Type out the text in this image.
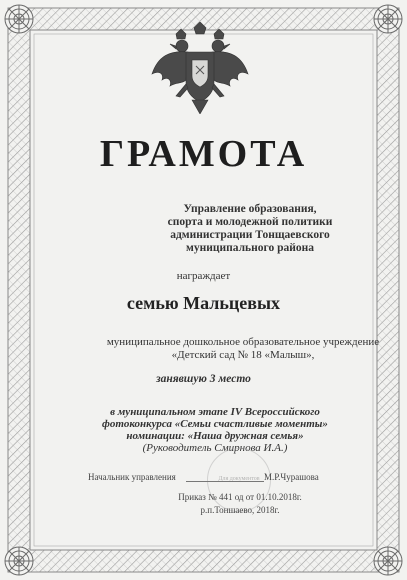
ГРАМОТА
Управление образования,
спорта и молодежной политики
администрации Тонщаевского
муниципального района
награждает
семью Мальцевых
муниципальное дошкольное образовательное учреждение
«Детский сад № 18 «Малыш»,
занявшую 3 место
в муниципальном этапе IV Всероссийского
фотоконкурса «Семьи счастливые моменты»
номинации: «Наша дружная семья»
(Руководитель Смирнова И.А.)
Для документов
Начальник управления	М.Р.Чурашова
Приказ № 441 од от 01.10.2018г.
р.п.Тоншаево, 2018г.
